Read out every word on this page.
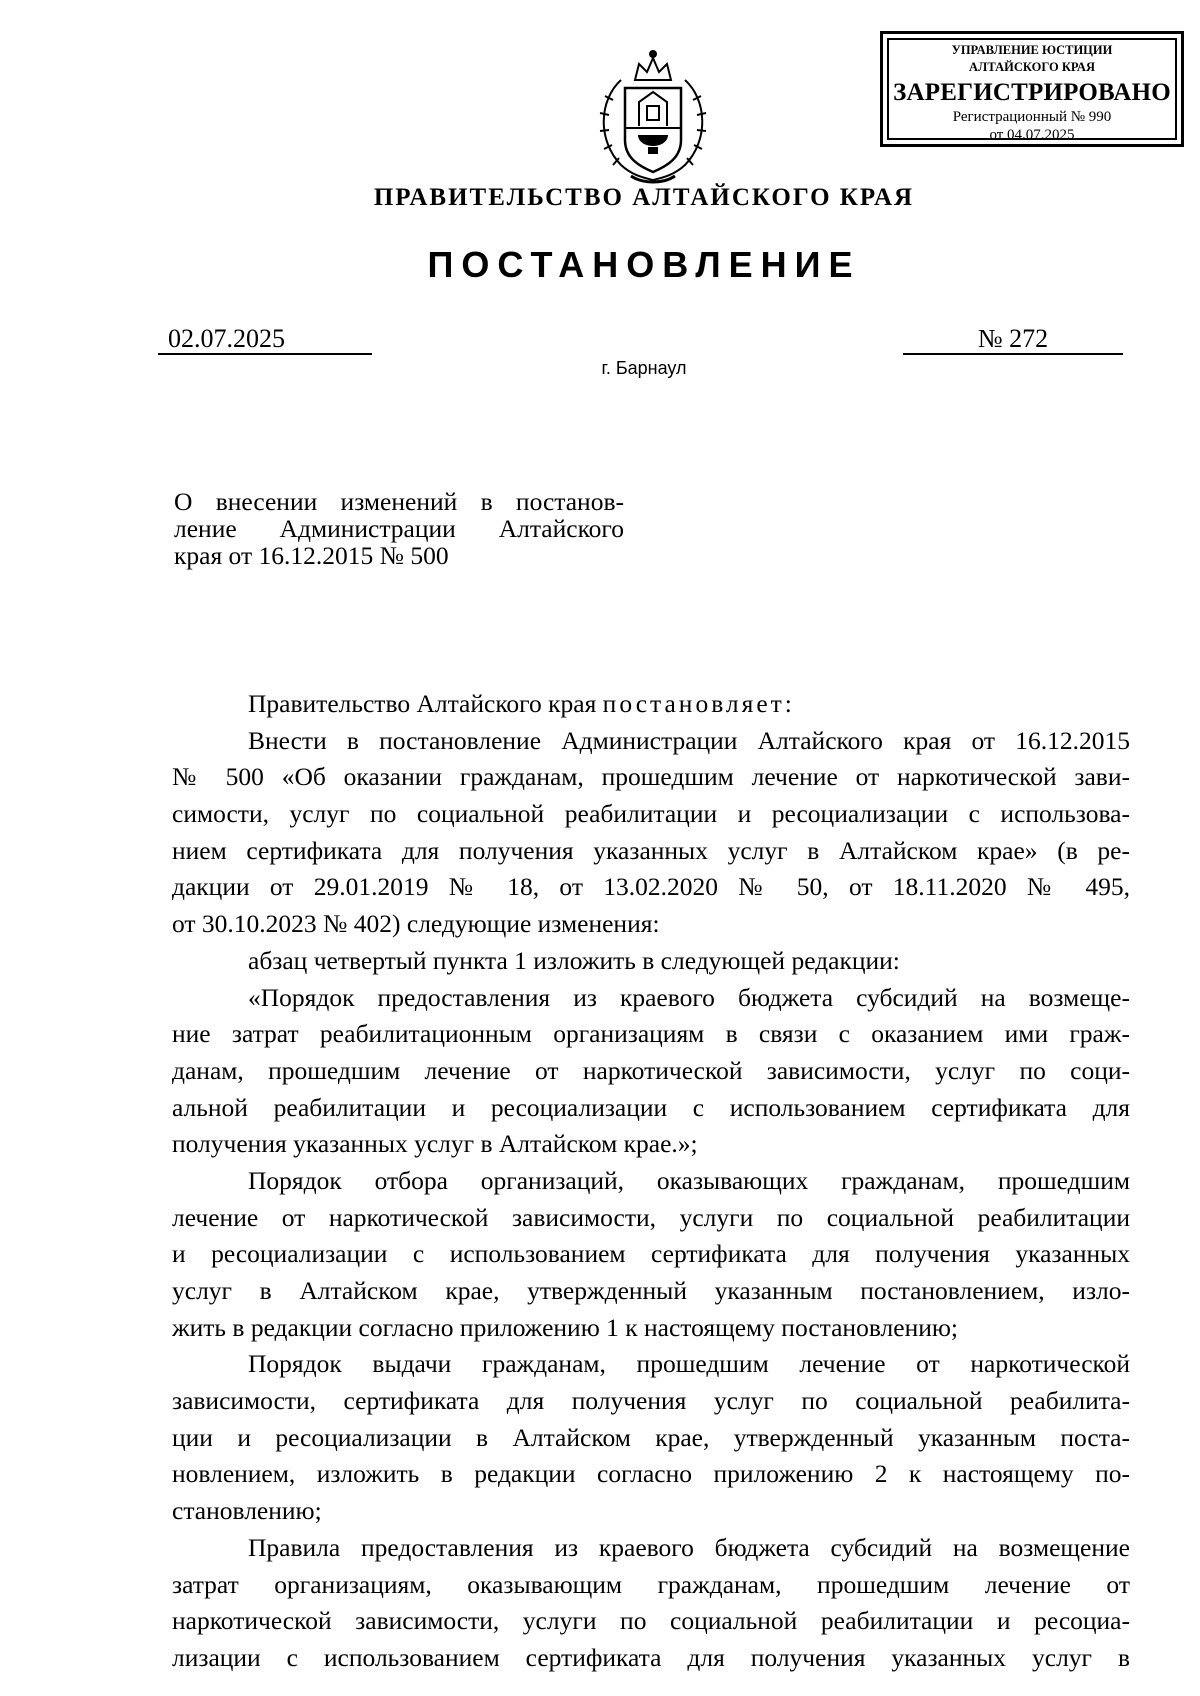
УПРАВЛЕНИЕ ЮСТИЦИИ
АЛТАЙСКОГО КРАЯ
ЗАРЕГИСТРИРОВАНО
Регистрационный № 990
от 04.07.2025
ПРАВИТЕЛЬСТВО АЛТАЙСКОГО КРАЯ
ПОСТАНОВЛЕНИЕ
02.07.2025	№ 272
г. Барнаул
О внесении изменений в постанов-
ление Администрации Алтайского
края от 16.12.2015 № 500
Правительство Алтайского края постановляет:
Внести в постановление Администрации Алтайского края от 16.12.2015
№ 500 «Об оказании гражданам, прошедшим лечение от наркотической зави-
симости, услуг по социальной реабилитации и ресоциализации с использова-
нием сертификата для получения указанных услуг в Алтайском крае» (в ре-
дакции от 29.01.2019 № 18, от 13.02.2020 № 50, от 18.11.2020 № 495,
от 30.10.2023 № 402) следующие изменения:
абзац четвертый пункта 1 изложить в следующей редакции:
«Порядок предоставления из краевого бюджета субсидий на возмеще-
ние затрат реабилитационным организациям в связи с оказанием ими граж-
данам, прошедшим лечение от наркотической зависимости, услуг по соци-
альной реабилитации и ресоциализации с использованием сертификата для
получения указанных услуг в Алтайском крае.»;
Порядок отбора организаций, оказывающих гражданам, прошедшим
лечение от наркотической зависимости, услуги по социальной реабилитации
и ресоциализации с использованием сертификата для получения указанных
услуг в Алтайском крае, утвержденный указанным постановлением, изло-
жить в редакции согласно приложению 1 к настоящему постановлению;
Порядок выдачи гражданам, прошедшим лечение от наркотической
зависимости, сертификата для получения услуг по социальной реабилита-
ции и ресоциализации в Алтайском крае, утвержденный указанным поста-
новлением, изложить в редакции согласно приложению 2 к настоящему по-
становлению;
Правила предоставления из краевого бюджета субсидий на возмещение
затрат организациям, оказывающим гражданам, прошедшим лечение от
наркотической зависимости, услуги по социальной реабилитации и ресоциа-
лизации с использованием сертификата для получения указанных услуг в
